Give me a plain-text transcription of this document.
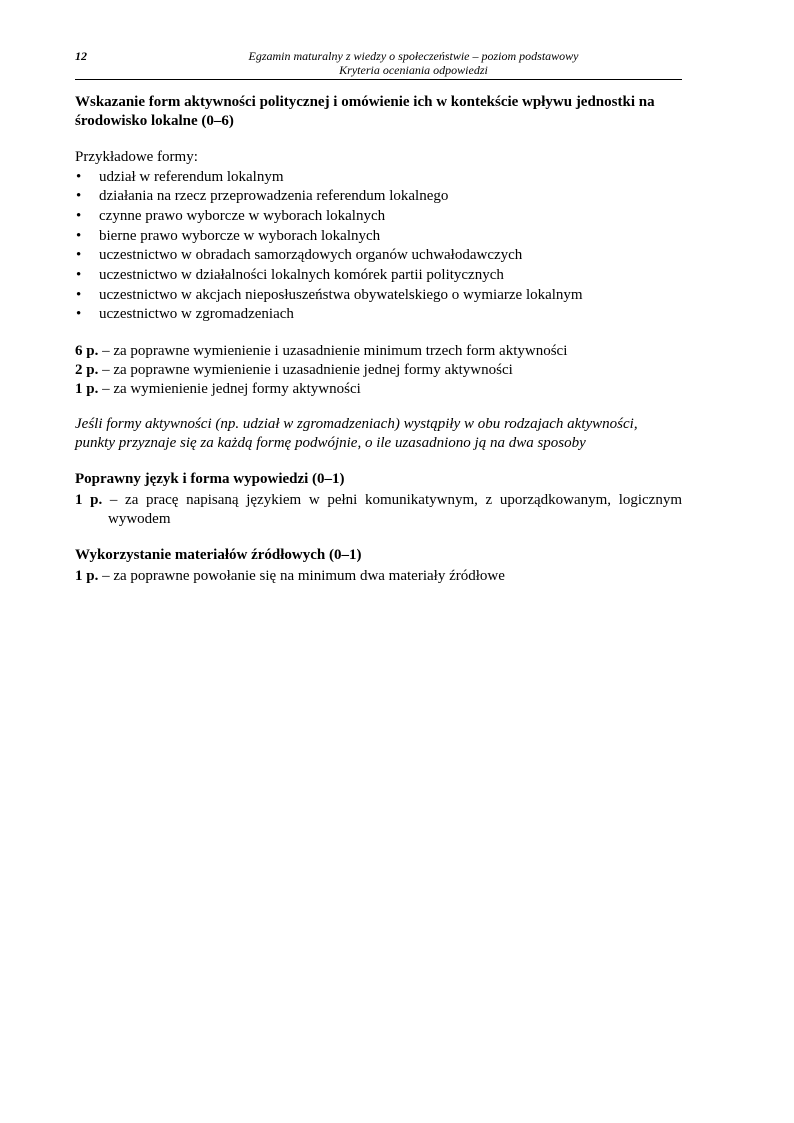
12	Egzamin maturalny z wiedzy o społeczeństwie – poziom podstawowy
Kryteria oceniania odpowiedzi
Wskazanie form aktywności politycznej i omówienie ich w kontekście wpływu jednostki na środowisko lokalne (0–6)
Przykładowe formy:
• udział w referendum lokalnym
• działania na rzecz przeprowadzenia referendum lokalnego
• czynne prawo wyborcze w wyborach lokalnych
• bierne prawo wyborcze w wyborach lokalnych
• uczestnictwo w obradach samorządowych organów uchwałodawczych
• uczestnictwo w działalności lokalnych komórek partii politycznych
• uczestnictwo w akcjach nieposłuszeństwa obywatelskiego o wymiarze lokalnym
• uczestnictwo w zgromadzeniach
6 p. – za poprawne wymienienie i uzasadnienie minimum trzech form aktywności
2 p. – za poprawne wymienienie i uzasadnienie jednej formy aktywności
1 p. – za wymienienie jednej formy aktywności
Jeśli formy aktywności (np. udział w zgromadzeniach) wystąpiły w obu rodzajach aktywności,
punkty przyznaje się za każdą formę podwójnie, o ile uzasadniono ją na dwa sposoby
Poprawny język i forma wypowiedzi (0–1)
1 p. – za pracę napisaną językiem w pełni komunikatywnym, z uporządkowanym, logicznym wywodem
Wykorzystanie materiałów źródłowych (0–1)
1 p. – za poprawne powołanie się na minimum dwa materiały źródłowe
